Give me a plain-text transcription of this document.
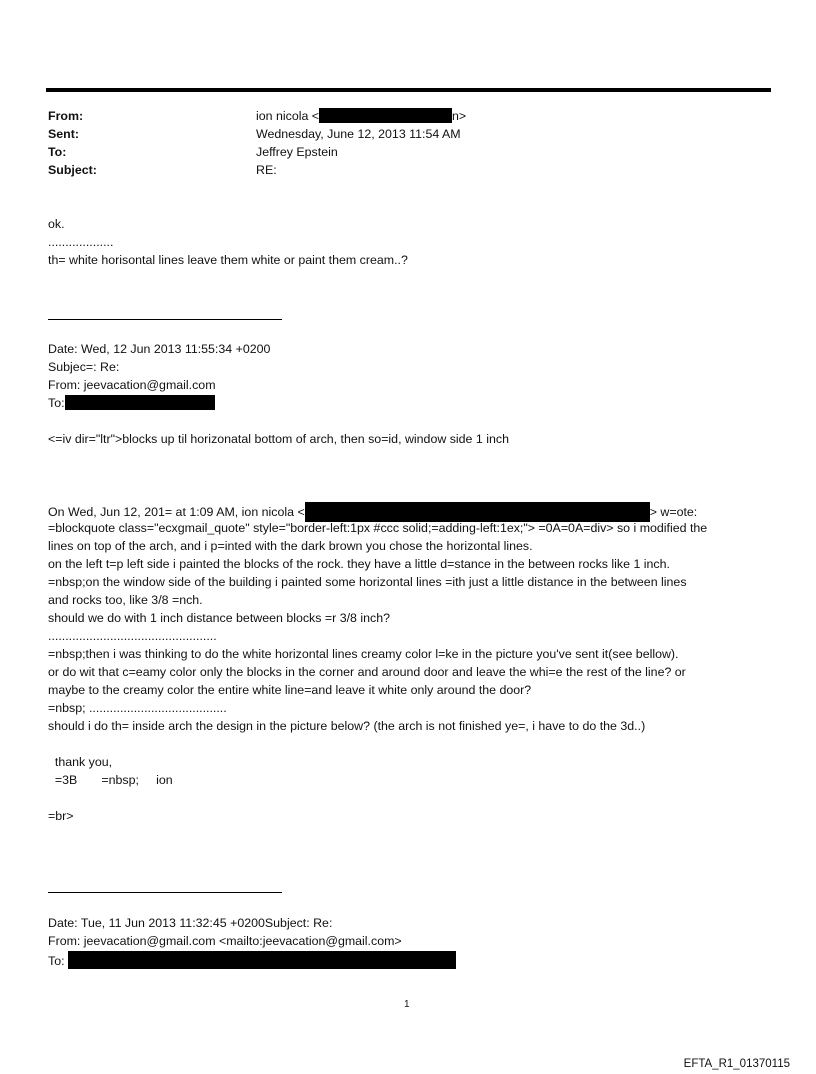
From:	ion nicola <	n>
Sent:	Wednesday, June 12, 2013 11:54 AM
To:	Jeffrey Epstein
Subject:	RE:
ok.
...................
th= white horisontal lines leave them white or paint them cream..?
Date: Wed, 12 Jun 2013 11:55:34 +0200
Subjec=: Re:
From: jeevacation@gmail.com
To:
<=iv dir="ltr">blocks up til horizonatal bottom of arch, then so=id, window side 1 inch
On Wed, Jun 12, 201= at 1:09 AM, ion nicola <	> w=ote:
=blockquote class="ecxgmail_quote" style="border-left:1px #ccc solid;=adding-left:1ex;"> =0A=0A=div> so i modified the
lines on top of the arch, and i p=inted with the dark brown you chose the horizontal lines.
on the left t=p left side i painted the blocks of the rock. they have a little d=stance in the between rocks like 1 inch.
=nbsp;on the window side of the building i painted some horizontal lines =ith just a little distance in the between lines
and rocks too, like 3/8 =nch.
should we do with 1 inch distance between blocks =r 3/8 inch?
.................................................
=nbsp;then i was thinking to do the white horizontal lines creamy color l=ke in the picture you've sent it(see bellow).
or do wit that c=eamy color only the blocks in the corner and around door and leave the whi=e the rest of the line? or
maybe to the creamy color the entire white line=and leave it white only around the door?
=nbsp; ........................................
should i do th= inside arch the design in the picture below? (the arch is not finished ye=, i have to do the 3d..)
thank you,
=3B       =nbsp;     ion
=br>
Date: Tue, 11 Jun 2013 11:32:45 +0200Subject: Re:
From: jeevacation@gmail.com <mailto:jeevacation@gmail.com>
To:
1
EFTA_R1_01370115
